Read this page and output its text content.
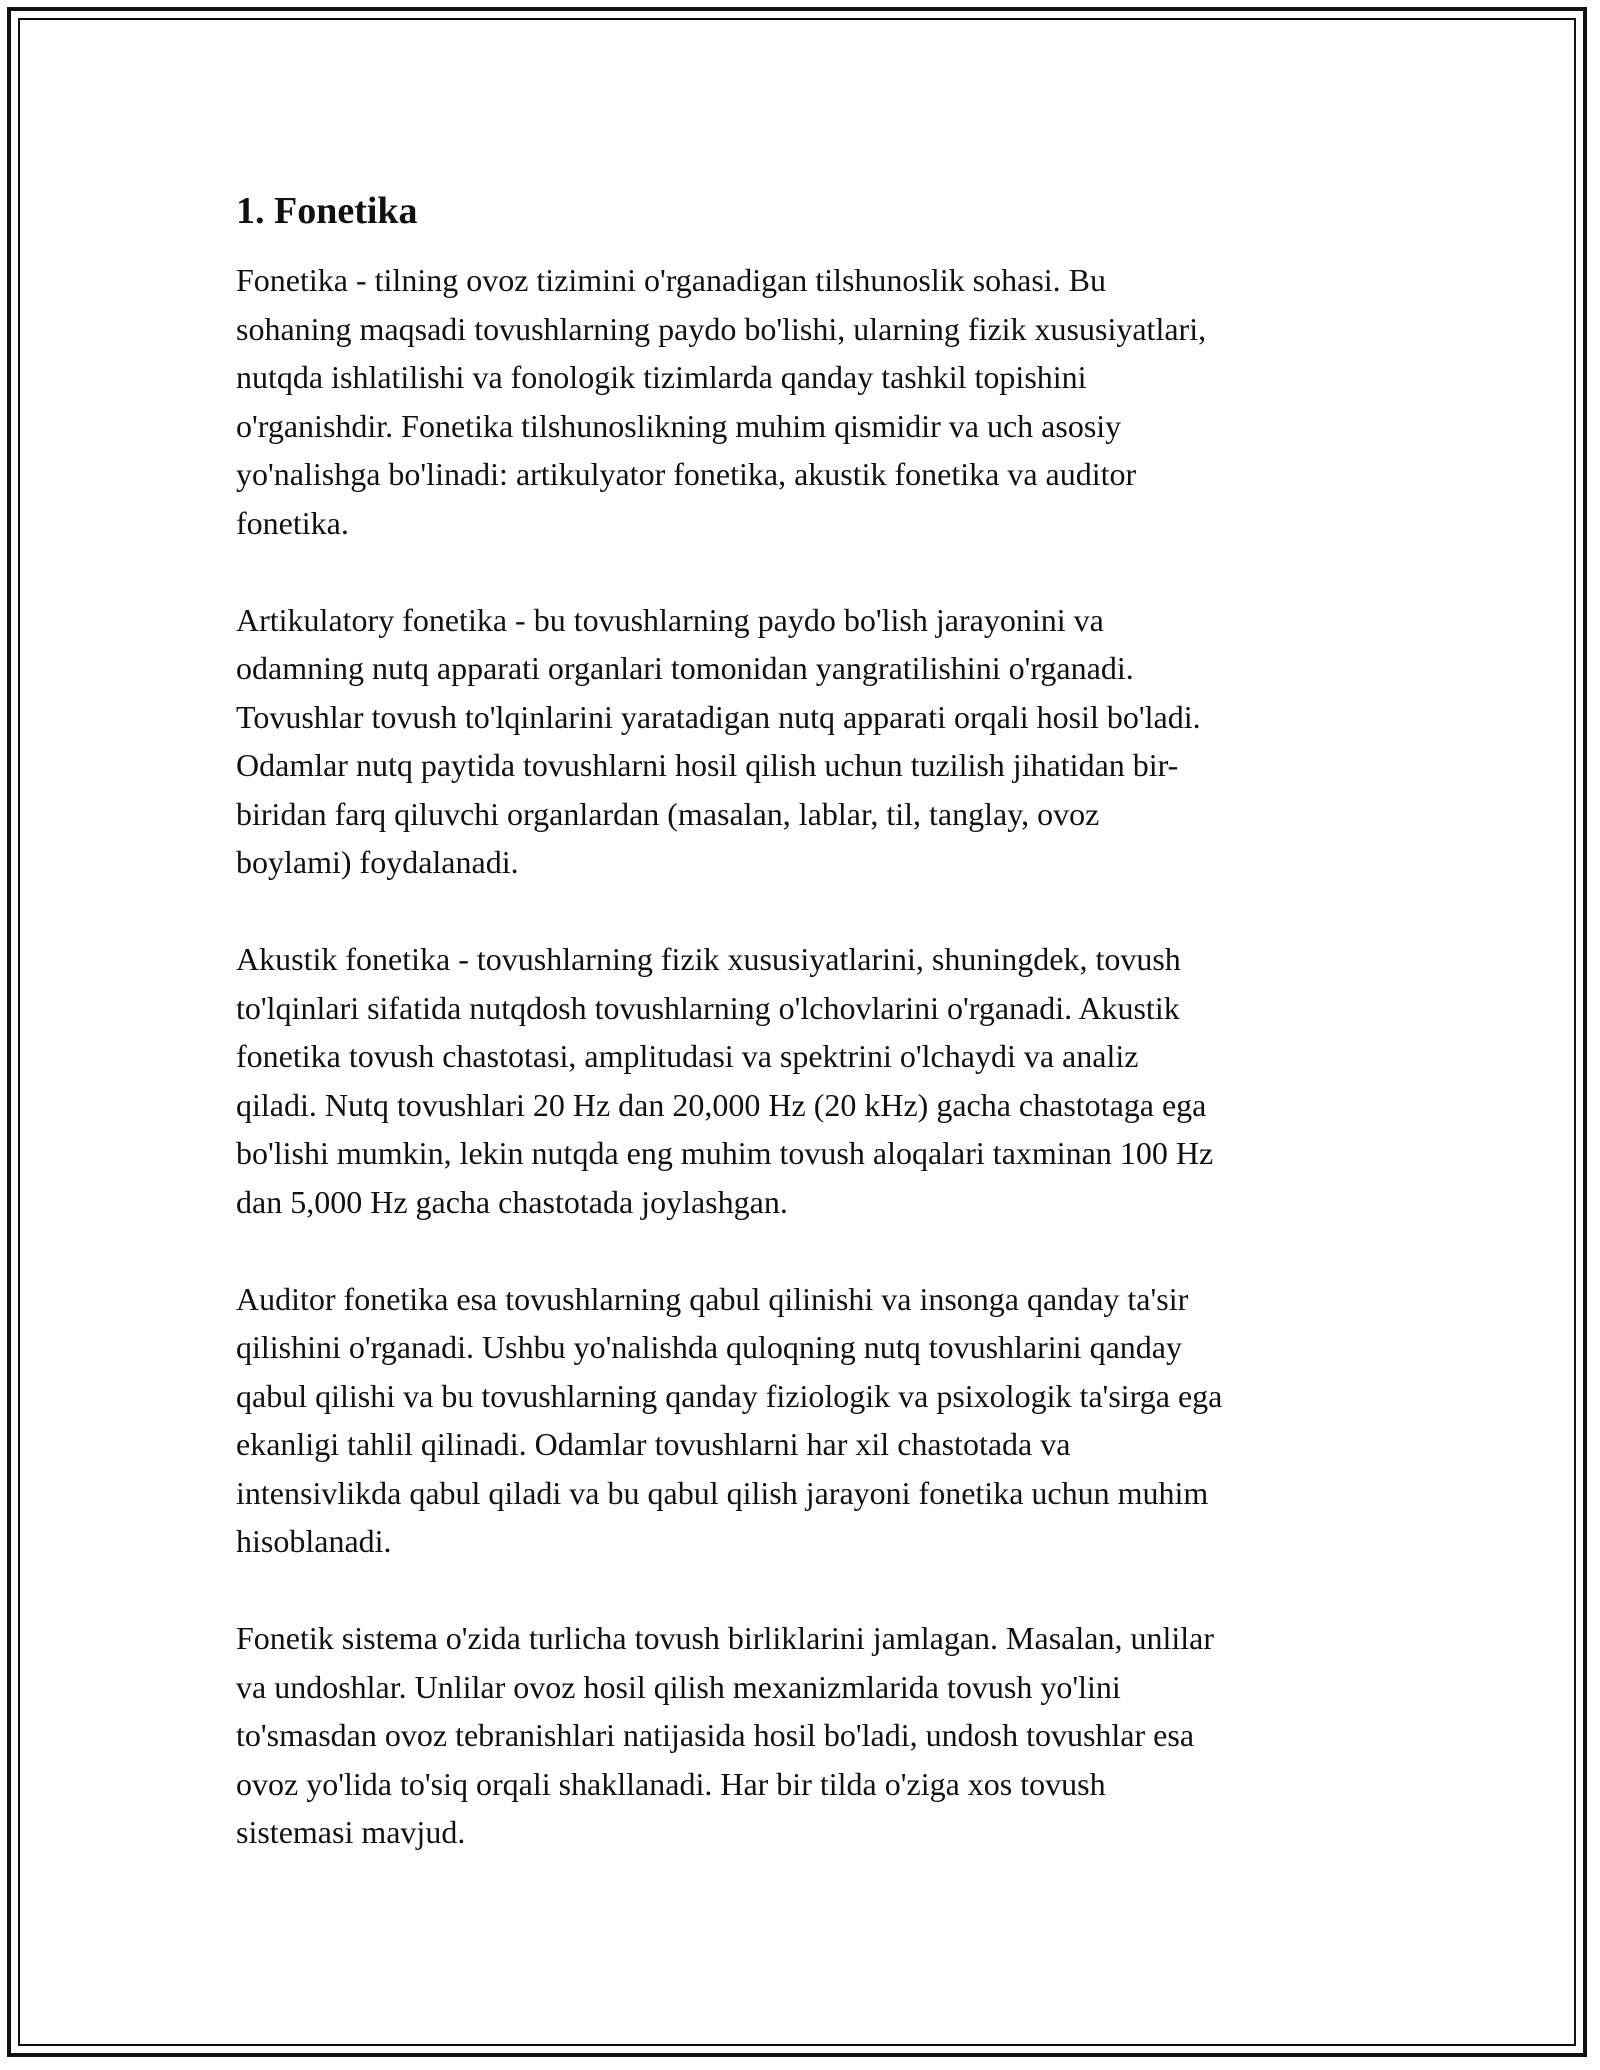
1. Fonetika

Fonetika - tilning ovoz tizimini o'rganadigan tilshunoslik sohasi. Bu
sohaning maqsadi tovushlarning paydo bo'lishi, ularning fizik xususiyatlari,
nutqda ishlatilishi va fonologik tizimlarda qanday tashkil topishini
o'rganishdir. Fonetika tilshunoslikning muhim qismidir va uch asosiy
yo'nalishga bo'linadi: artikulyator fonetika, akustik fonetika va auditor
fonetika.

Artikulatory fonetika - bu tovushlarning paydo bo'lish jarayonini va
odamning nutq apparati organlari tomonidan yangratilishini o'rganadi.
Tovushlar tovush to'lqinlarini yaratadigan nutq apparati orqali hosil bo'ladi.
Odamlar nutq paytida tovushlarni hosil qilish uchun tuzilish jihatidan bir-
biridan farq qiluvchi organlardan (masalan, lablar, til, tanglay, ovoz
boylami) foydalanadi.

Akustik fonetika - tovushlarning fizik xususiyatlarini, shuningdek, tovush
to'lqinlari sifatida nutqdosh tovushlarning o'lchovlarini o'rganadi. Akustik
fonetika tovush chastotasi, amplitudasi va spektrini o'lchaydi va analiz
qiladi. Nutq tovushlari 20 Hz dan 20,000 Hz (20 kHz) gacha chastotaga ega
bo'lishi mumkin, lekin nutqda eng muhim tovush aloqalari taxminan 100 Hz
dan 5,000 Hz gacha chastotada joylashgan.

Auditor fonetika esa tovushlarning qabul qilinishi va insonga qanday ta'sir
qilishini o'rganadi. Ushbu yo'nalishda quloqning nutq tovushlarini qanday
qabul qilishi va bu tovushlarning qanday fiziologik va psixologik ta'sirga ega
ekanligi tahlil qilinadi. Odamlar tovushlarni har xil chastotada va
intensivlikda qabul qiladi va bu qabul qilish jarayoni fonetika uchun muhim
hisoblanadi.

Fonetik sistema o'zida turlicha tovush birliklarini jamlagan. Masalan, unlilar
va undoshlar. Unlilar ovoz hosil qilish mexanizmlarida tovush yo'lini
to'smasdan ovoz tebranishlari natijasida hosil bo'ladi, undosh tovushlar esa
ovoz yo'lida to'siq orqali shakllanadi. Har bir tilda o'ziga xos tovush
sistemasi mavjud.
